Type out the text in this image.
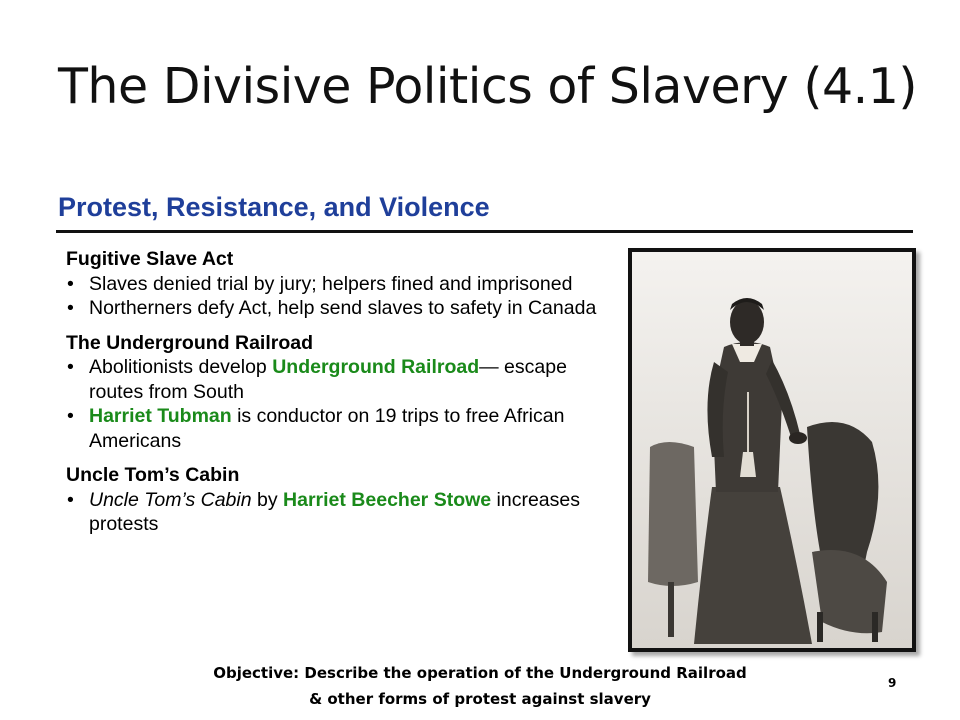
The Divisive Politics of Slavery (4.1)
Protest, Resistance, and Violence
Fugitive Slave Act
• Slaves denied trial by jury; helpers fined and imprisoned
• Northerners defy Act, help send slaves to safety in Canada
The Underground Railroad
• Abolitionists develop Underground Railroad— escape routes from South
• Harriet Tubman is conductor on 19 trips to free African Americans
Uncle Tom’s Cabin
• Uncle Tom’s Cabin by Harriet Beecher Stowe increases protests
Objective: Describe the operation of the Underground Railroad
& other forms of protest against slavery
9
